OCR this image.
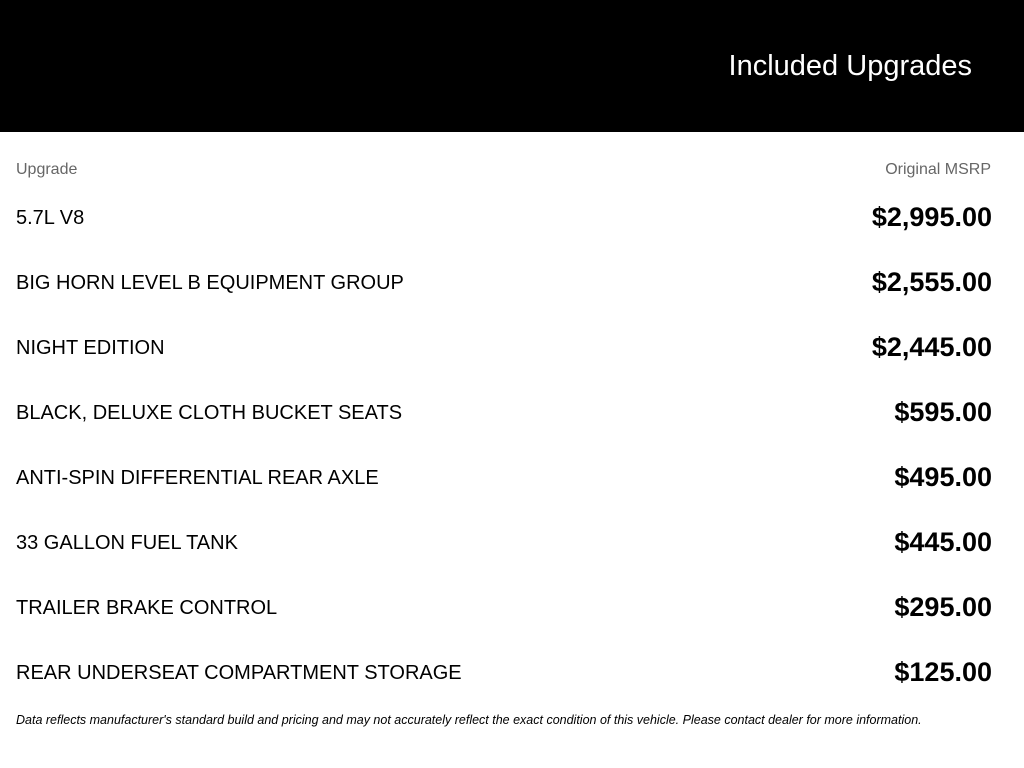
Included Upgrades
Upgrade	Original MSRP
5.7L V8	$2,995.00
BIG HORN LEVEL B EQUIPMENT GROUP	$2,555.00
NIGHT EDITION	$2,445.00
BLACK, DELUXE CLOTH BUCKET SEATS	$595.00
ANTI-SPIN DIFFERENTIAL REAR AXLE	$495.00
33 GALLON FUEL TANK	$445.00
TRAILER BRAKE CONTROL	$295.00
REAR UNDERSEAT COMPARTMENT STORAGE	$125.00
Data reflects manufacturer's standard build and pricing and may not accurately reflect the exact condition of this vehicle. Please contact dealer for more information.
